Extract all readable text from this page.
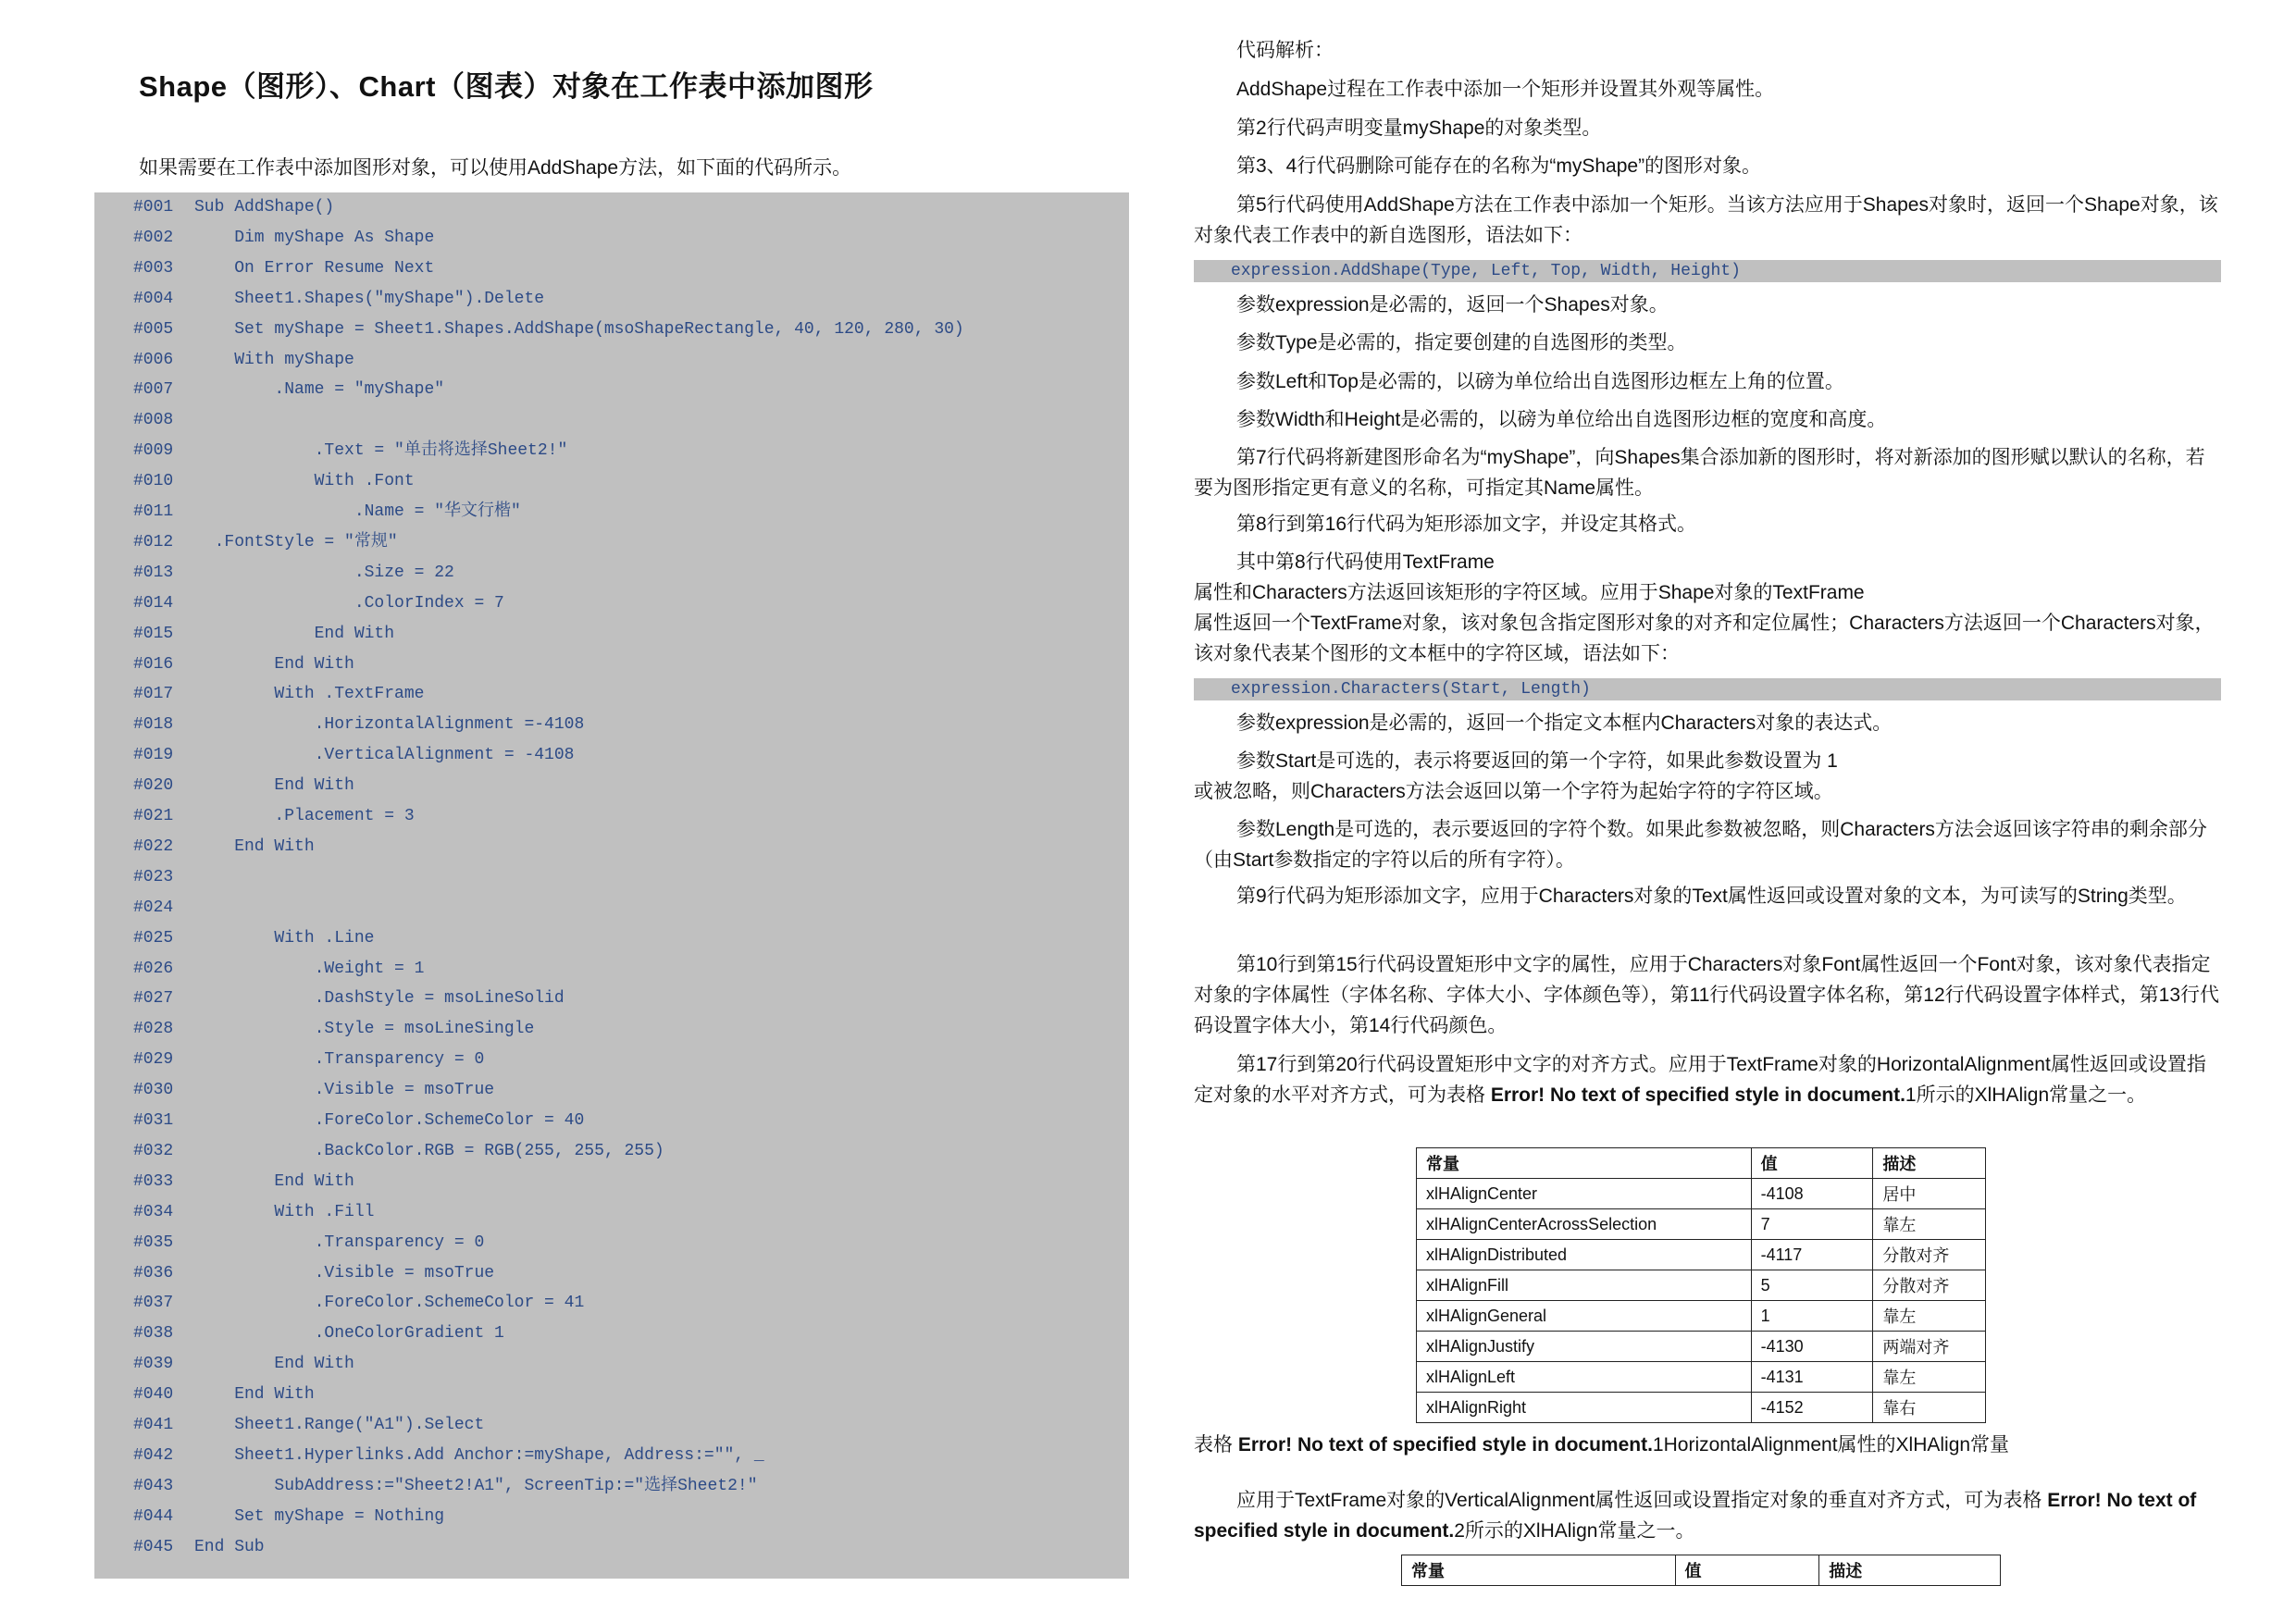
Shape（图形）、Chart（图表）对象在工作表中添加图形
如果需要在工作表中添加图形对象，可以使用AddShape方法，如下面的代码所示。
#001 Sub AddShape()
#002 Dim myShape As Shape
#003 On Error Resume Next
#004 Sheet1.Shapes("myShape").Delete
#005 Set myShape = Sheet1.Shapes.AddShape(msoShapeRectangle, 40, 120, 280, 30)
#006 With myShape
#007 .Name = "myShape"
#008
#009 .Text = "单击将选择Sheet2!"
#010 With .Font
#011 .Name = "华文行楷"
#012 .FontStyle = "常规"
#013 .Size = 22
#014 .ColorIndex = 7
#015 End With
#016 End With
#017 With .TextFrame
#018 .HorizontalAlignment =-4108
#019 .VerticalAlignment = -4108
#020 End With
#021 .Placement = 3
#022 End With
#023
#024
#025 With .Line
#026 .Weight = 1
#027 .DashStyle = msoLineSolid
#028 .Style = msoLineSingle
#029 .Transparency = 0
#030 .Visible = msoTrue
#031 .ForeColor.SchemeColor = 40
#032 .BackColor.RGB = RGB(255, 255, 255)
#033 End With
#034 With .Fill
#035 .Transparency = 0
#036 .Visible = msoTrue
#037 .ForeColor.SchemeColor = 41
#038 .OneColorGradient 1
#039 End With
#040 End With
#041 Sheet1.Range("A1").Select
#042 Sheet1.Hyperlinks.Add Anchor:=myShape, Address:="", _
#043 SubAddress:="Sheet2!A1", ScreenTip:="选择Sheet2!"
#044 Set myShape = Nothing
#045 End Sub
代码解析：
AddShape过程在工作表中添加一个矩形并设置其外观等属性。
第2行代码声明变量myShape的对象类型。
第3、4行代码删除可能存在的名称为“myShape”的图形对象。
第5行代码使用AddShape方法在工作表中添加一个矩形。当该方法应用于Shapes对象时，返回一个Shape对象，该对象代表工作表中的新自选图形，语法如下：
expression.AddShape(Type, Left, Top, Width, Height)
参数expression是必需的，返回一个Shapes对象。
参数Type是必需的，指定要创建的自选图形的类型。
参数Left和Top是必需的，以磅为单位给出自选图形边框左上角的位置。
参数Width和Height是必需的，以磅为单位给出自选图形边框的宽度和高度。
第7行代码将新建图形命名为“myShape”，向Shapes集合添加新的图形时，将对新添加的图形赋以默认的名称，若要为图形指定更有意义的名称，可指定其Name属性。
第8行到第16行代码为矩形添加文字，并设定其格式。
其中第8行代码使用TextFrame
属性和Characters方法返回该矩形的字符区域。应用于Shape对象的TextFrame
属性返回一个TextFrame对象，该对象包含指定图形对象的对齐和定位属性；Characters方法返回一个Characters对象，该对象代表某个图形的文本框中的字符区域，语法如下：
expression.Characters(Start, Length)
参数expression是必需的，返回一个指定文本框内Characters对象的表达式。
参数Start是可选的，表示将要返回的第一个字符，如果此参数设置为 1
或被忽略，则Characters方法会返回以第一个字符为起始字符的字符区域。
参数Length是可选的，表示要返回的字符个数。如果此参数被忽略，则Characters方法会返回该字符串的剩余部分（由Start参数指定的字符以后的所有字符）。
第9行代码为矩形添加文字，应用于Characters对象的Text属性返回或设置对象的文本，为可读写的String类型。
第10行到第15行代码设置矩形中文字的属性，应用于Characters对象Font属性返回一个Font对象，该对象代表指定对象的字体属性（字体名称、字体大小、字体颜色等），第11行代码设置字体名称，第12行代码设置字体样式，第13行代码设置字体大小，第14行代码颜色。
第17行到第20行代码设置矩形中文字的对齐方式。应用于TextFrame对象的HorizontalAlignment属性返回或设置指定对象的水平对齐方式，可为表格 Error! No text of specified style in document.1所示的XlHAlign常量之一。
常量	值	描述
xlHAlignCenter	-4108	居中
xlHAlignCenterAcrossSelection	7	靠左
xlHAlignDistributed	-4117	分散对齐
xlHAlignFill	5	分散对齐
xlHAlignGeneral	1	靠左
xlHAlignJustify	-4130	两端对齐
xlHAlignLeft	-4131	靠左
xlHAlignRight	-4152	靠右
表格 Error! No text of specified style in document.1HorizontalAlignment属性的XlHAlign常量
应用于TextFrame对象的VerticalAlignment属性返回或设置指定对象的垂直对齐方式，可为表格 Error! No text of specified style in document.2所示的XlHAlign常量之一。
常量	值	描述
